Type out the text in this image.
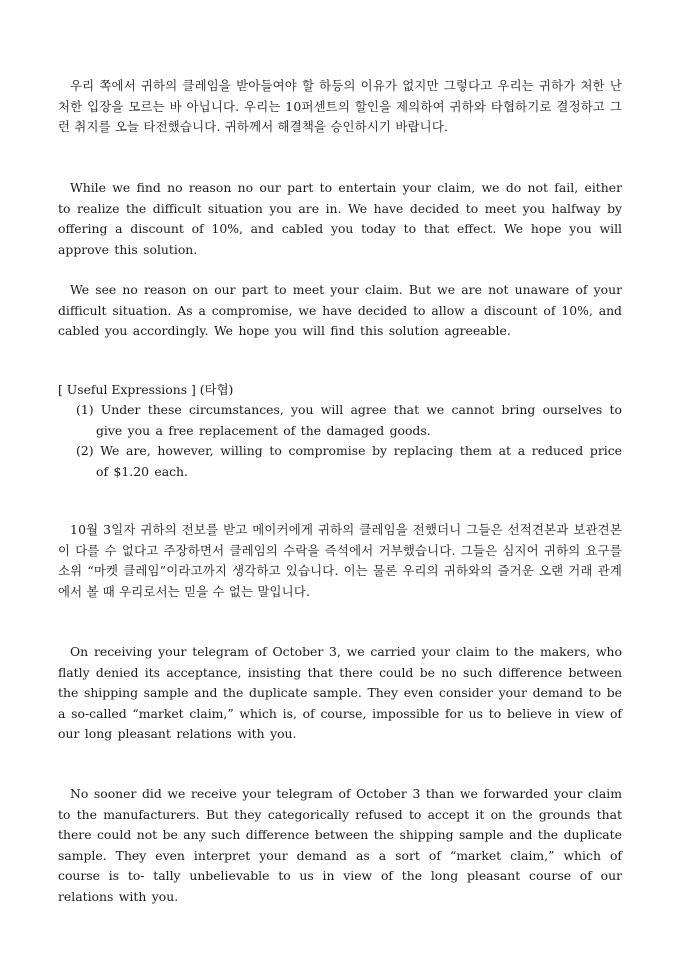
우리 쪽에서 귀하의 클레임을 받아들여야 할 하등의 이유가 없지만 그렇다고 우리는 귀하가 처한 난처한 입장을 모르는 바 아닙니다. 우리는 10퍼센트의 할인을 제의하여 귀하와 타협하기로 결정하고 그런 취지를 오늘 타전했습니다. 귀하께서 해결책을 승인하시기 바랍니다.

While we find no reason no our part to entertain your claim, we do not fail, either to realize the difficult situation you are in. We have decided to meet you halfway by offering a discount of 10%, and cabled you today to that effect. We hope you will approve this solution.

We see no reason on our part to meet your claim. But we are not unaware of your difficult situation. As a compromise, we have decided to allow a discount of 10%, and cabled you accordingly. We hope you will find this solution agreeable.

[ Useful Expressions ] (타협)

(1) Under these circumstances, you will agree that we cannot bring ourselves to give you a free replacement of the damaged goods.

(2) We are, however, willing to compromise by replacing them at a reduced price of $1.20 each.

10월 3일자 귀하의 전보를 받고 메이커에게 귀하의 클레임을 전했더니 그들은 선적견본과 보관견본이 다를 수 없다고 주장하면서 클레임의 수락을 즉석에서 거부했습니다. 그들은 심지어 귀하의 요구를 소위 “마켓 클레임”이라고까지 생각하고 있습니다. 이는 물론 우리의 귀하와의 즐거운 오랜 거래 관계에서 볼 때 우리로서는 믿을 수 없는 말입니다.

On receiving your telegram of October 3, we carried your claim to the makers, who flatly denied its acceptance, insisting that there could be no such difference between the shipping sample and the duplicate sample. They even consider your demand to be a so-called “market claim,” which is, of course, impossible for us to believe in view of our long pleasant relations with you.

No sooner did we receive your telegram of October 3 than we forwarded your claim to the manufacturers. But they categorically refused to accept it on the grounds that there could not be any such difference between the shipping sample and the duplicate sample. They even interpret your demand as a sort of “market claim,” which of course is to- tally unbelievable to us in view of the long pleasant course of our relations with you.
